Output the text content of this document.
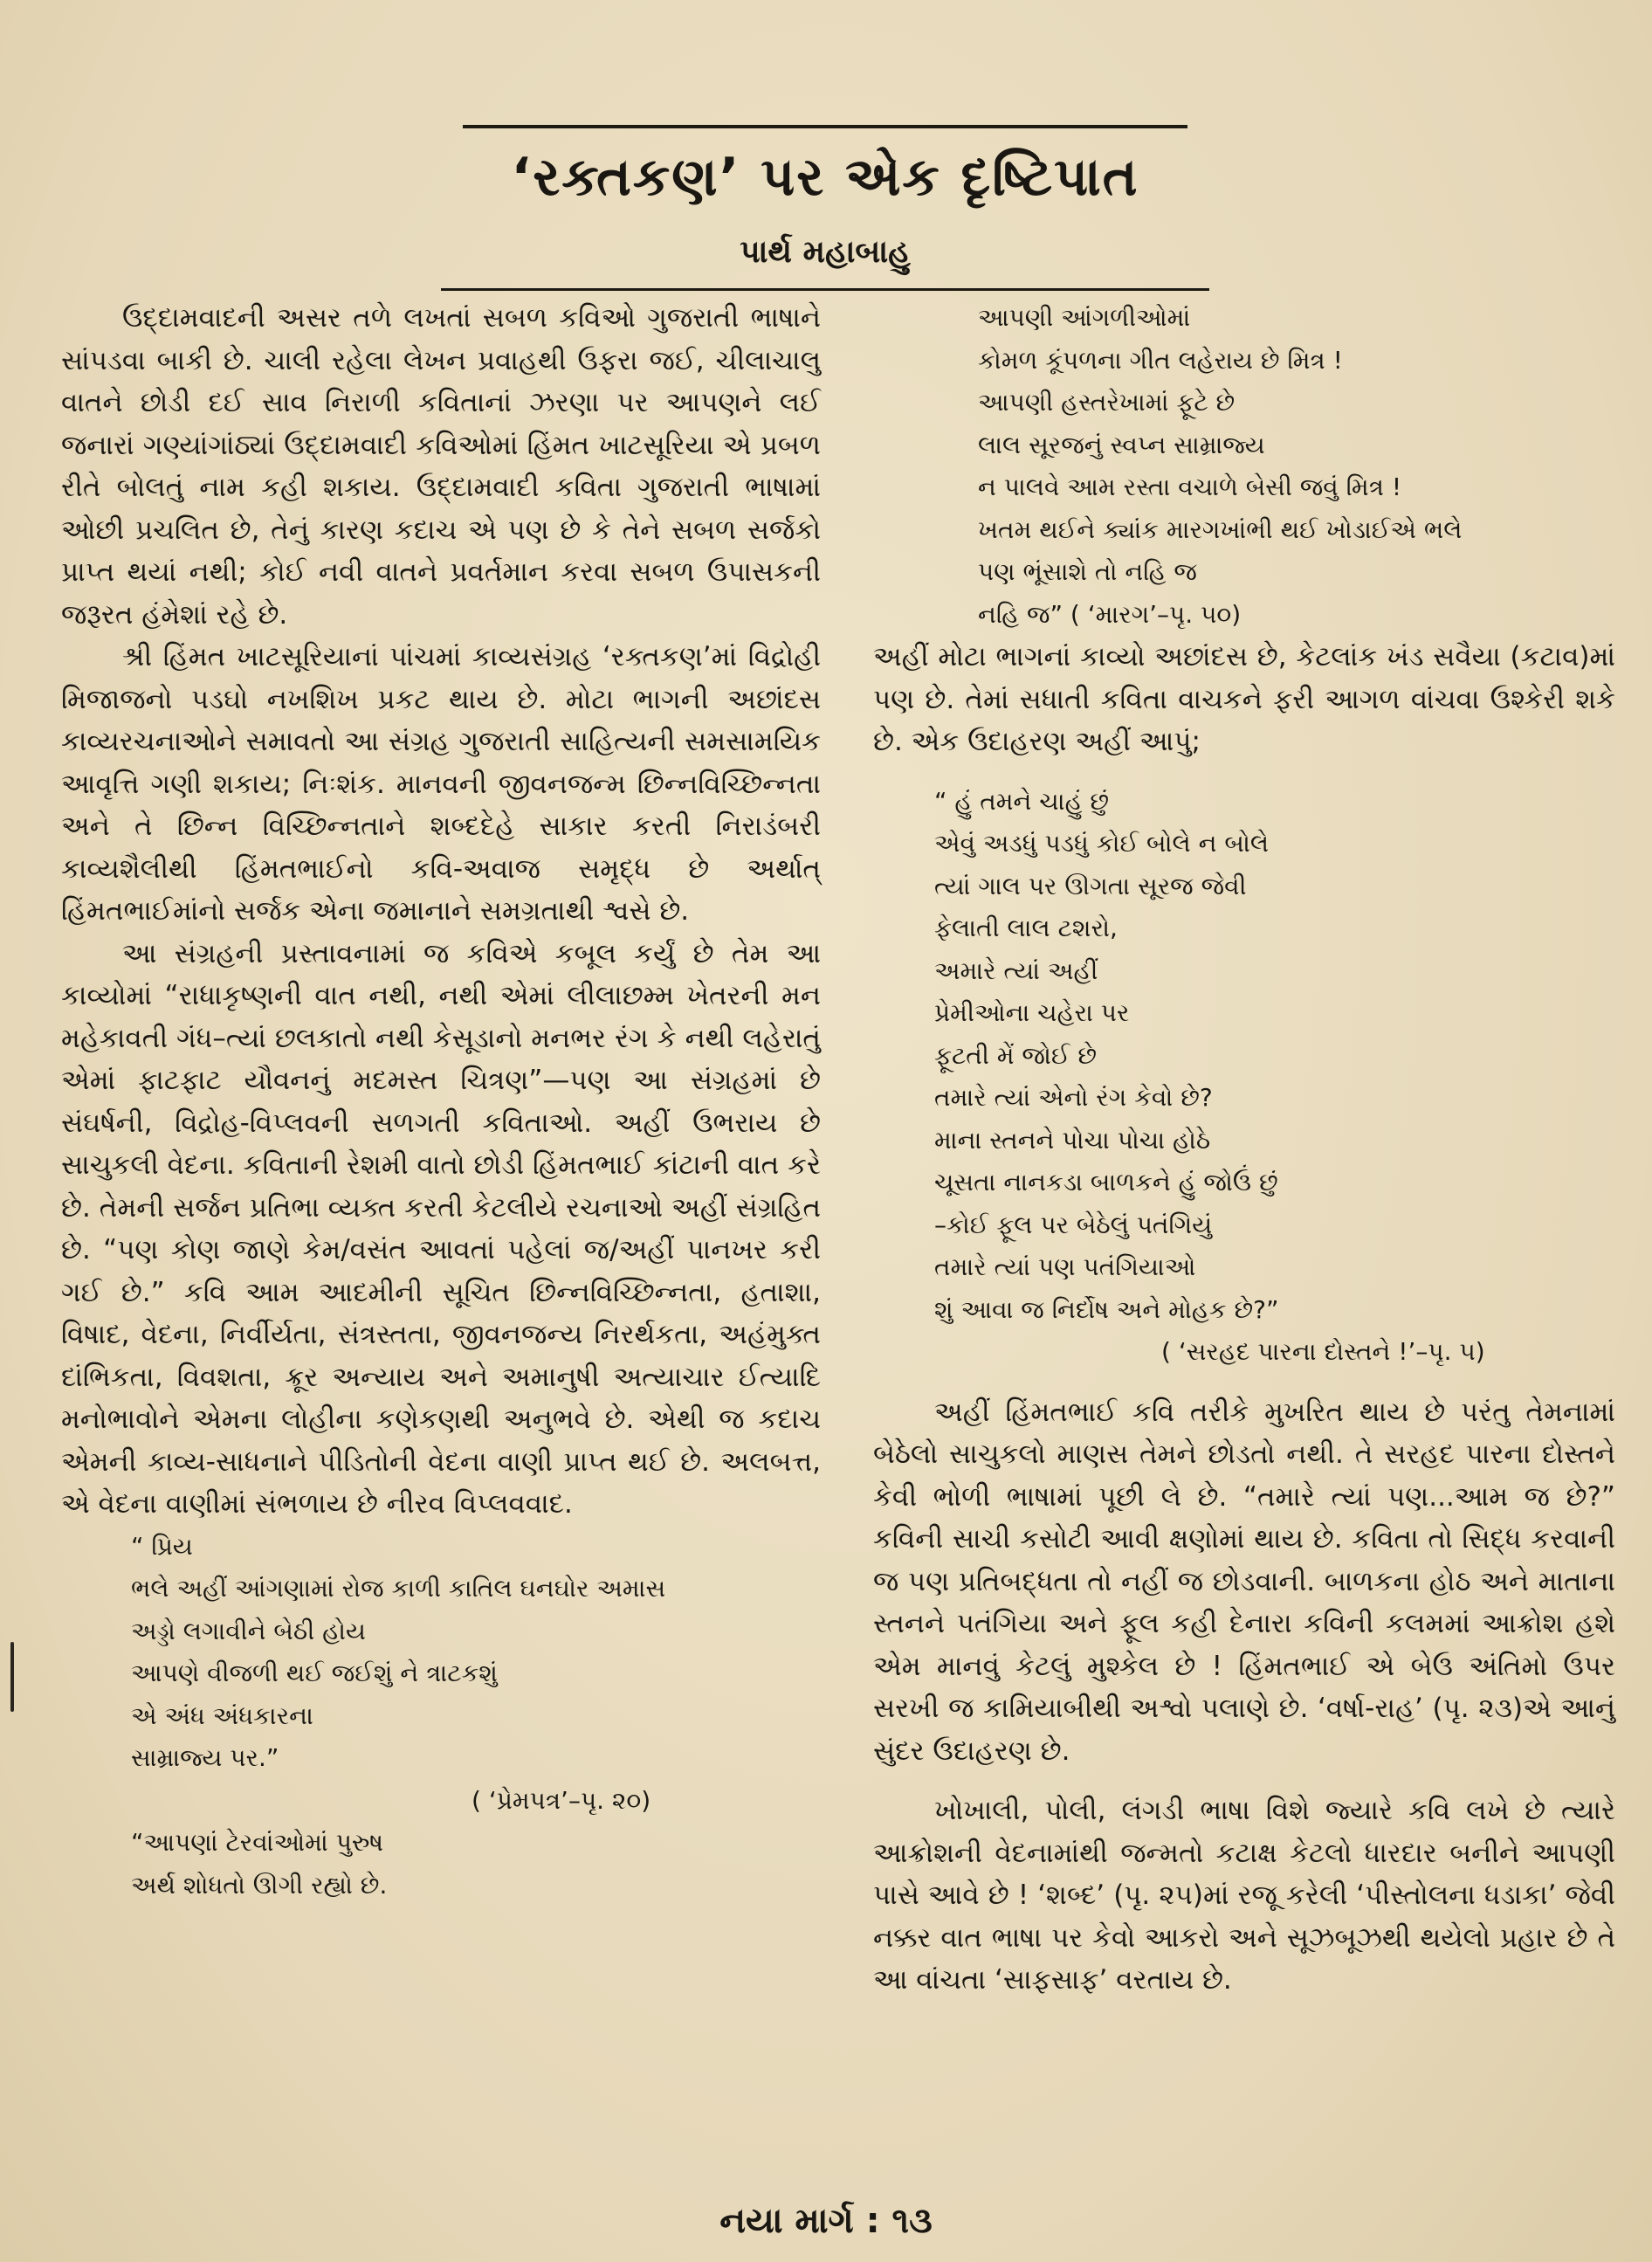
‘રક્તકણ’ પર એક દૃષ્ટિપાત
પાર્થ મહાબાહુ

ઉદ્દામવાદની અસર તળે લખતાં સબળ કવિઓ ગુજરાતી ભાષાને સાંપડવા બાકી છે. ચાલી રહેલા લેખન પ્રવાહથી ઉફરા જઈ, ચીલાચાલુ વાતને છોડી દઈ સાવ નિરાળી કવિતાનાં ઝરણા પર આપણને લઈ જનારાં ગણ્યાંગાંઠ્યાં ઉદ્દામવાદી કવિઓમાં હિંમત ખાટસૂરિયા એ પ્રબળ રીતે બોલતું નામ કહી શકાય. ઉદ્દામવાદી કવિતા ગુજરાતી ભાષામાં ઓછી પ્રચલિત છે, તેનું કારણ કદાચ એ પણ છે કે તેને સબળ સર્જકો પ્રાપ્ત થયાં નથી; કોઈ નવી વાતને પ્રવર્તમાન કરવા સબળ ઉપાસકની જરૂરત હંમેશાં રહે છે.

શ્રી હિંમત ખાટસૂરિયાનાં પાંચમાં કાવ્યસંગ્રહ ‘રક્તકણ’માં વિદ્રોહી મિજાજનો પડઘો નખશિખ પ્રકટ થાય છે. મોટા ભાગની અછાંદસ કાવ્યરચનાઓને સમાવતો આ સંગ્રહ ગુજરાતી સાહિત્યની સમસામયિક આવૃત્તિ ગણી શકાય; નિઃશંક. માનવની જીવનજન્મ છિન્નવિચ્છિન્નતા અને તે છિન્ન વિચ્છિન્નતાને શબ્દદેહે સાકાર કરતી નિરાડંબરી કાવ્યશૈલીથી હિંમતભાઈનો કવિ-અવાજ સમૃદ્ધ છે અર્થાત્ હિંમતભાઈમાંનો સર્જક એના જમાનાને સમગ્રતાથી શ્વસે છે.

આ સંગ્રહની પ્રસ્તાવનામાં જ કવિએ કબૂલ કર્યું છે તેમ આ કાવ્યોમાં “રાધાકૃષ્ણની વાત નથી, નથી એમાં લીલાછમ્મ ખેતરની મન મહેકાવતી ગંધ–ત્યાં છલકાતો નથી કેસૂડાનો મનભર રંગ કે નથી લહેરાતું એમાં ફાટફાટ યૌવનનું મદમસ્ત ચિત્રણ”—પણ આ સંગ્રહમાં છે સંઘર્ષની, વિદ્રોહ-વિપ્લવની સળગતી કવિતાઓ. અહીં ઉભરાય છે સાચુકલી વેદના. કવિતાની રેશમી વાતો છોડી હિંમતભાઈ કાંટાની વાત કરે છે. તેમની સર્જન પ્રતિભા વ્યક્ત કરતી કેટલીયે રચનાઓ અહીં સંગ્રહિત છે. “પણ કોણ જાણે કેમ/વસંત આવતાં પહેલાં જ/અહીં પાનખર કરી ગઈ છે.” કવિ આમ આદમીની સૂચિત છિન્નવિચ્છિન્નતા, હતાશા, વિષાદ, વેદના, નિર્વીર્યતા, સંત્રસ્તતા, જીવનજન્ય નિરર્થકતા, અહંમુક્ત દાંભિકતા, વિવશતા, ક્રૂર અન્યાય અને અમાનુષી અત્યાચાર ઈત્યાદિ મનોભાવોને એમના લોહીના કણેકણથી અનુભવે છે. એથી જ કદાચ એમની કાવ્ય-સાધનાને પીડિતોની વેદના વાણી પ્રાપ્ત થઈ છે. અલબત્ત, એ વેદના વાણીમાં સંભળાય છે નીરવ વિપ્લવવાદ.

“ પ્રિય
ભલે અહીં આંગણામાં રોજ કાળી કાતિલ ઘનઘોર અમાસ
અડ્ડો લગાવીને બેઠી હોય
આપણે વીજળી થઈ જઈશું ને ત્રાટકશું
એ અંધ અંધકારના
સામ્રાજ્ય પર.”
( ‘પ્રેમપત્ર’–પૃ. ૨૦)
“આપણાં ટેરવાંઓમાં પુરુષ
અર્થ શોધતો ઊગી રહ્યો છે.
આપણી આંગળીઓમાં
કોમળ કૂંપળના ગીત લહેરાય છે મિત્ર !
આપણી હસ્તરેખામાં ફૂટે છે
લાલ સૂરજનું સ્વપ્ન સામ્રાજ્ય
ન પાલવે આમ રસ્તા વચાળે બેસી જવું મિત્ર !
ખતમ થઈને ક્યાંક મારગખાંભી થઈ ખોડાઈએ ભલે
પણ ભૂંસાશે તો નહિ જ
નહિ જ” ( ‘મારગ’–પૃ. ૫૦)

અહીં મોટા ભાગનાં કાવ્યો અછાંદસ છે, કેટલાંક ખંડ સવૈયા (કટાવ)માં પણ છે. તેમાં સધાતી કવિતા વાચકને ફરી આગળ વાંચવા ઉશ્કેરી શકે છે. એક ઉદાહરણ અહીં આપું;

“ હું તમને ચાહું છું
એવું અડધું પડધું કોઈ બોલે ન બોલે
ત્યાં ગાલ પર ઊગતા સૂરજ જેવી
ફેલાતી લાલ ટશરો,
અમારે ત્યાં અહીં
પ્રેમીઓના ચહેરા પર
ફૂટતી મેં જોઈ છે
તમારે ત્યાં એનો રંગ કેવો છે?
માના સ્તનને પોચા પોચા હોઠે
ચૂસતા નાનકડા બાળકને હું જોઉં છું
–કોઈ ફૂલ પર બેઠેલું પતંગિયું
તમારે ત્યાં પણ પતંગિયાઓ
શું આવા જ નિર્દોષ અને મોહક છે?”
( ‘સરહદ પારના દોસ્તને !’–પૃ. ૫)

અહીં હિંમતભાઈ કવિ તરીકે મુખરિત થાય છે પરંતુ તેમનામાં બેઠેલો સાચુકલો માણસ તેમને છોડતો નથી. તે સરહદ પારના દોસ્તને કેવી ભોળી ભાષામાં પૂછી લે છે. “તમારે ત્યાં પણ...આમ જ છે?” કવિની સાચી કસોટી આવી ક્ષણોમાં થાય છે. કવિતા તો સિદ્ધ કરવાની જ પણ પ્રતિબદ્ધતા તો નહીં જ છોડવાની. બાળકના હોઠ અને માતાના સ્તનને પતંગિયા અને ફૂલ કહી દેનારા કવિની કલમમાં આક્રોશ હશે એમ માનવું કેટલું મુશ્કેલ છે ! હિંમતભાઈ એ બેઉ અંતિમો ઉપર સરખી જ કામિયાબીથી અશ્વો પલાણે છે. ‘વર્ષા-રાહ’ (પૃ. ૨૩)એ આનું સુંદર ઉદાહરણ છે.

ખોખાલી, પોલી, લંગડી ભાષા વિશે જ્યારે કવિ લખે છે ત્યારે આક્રોશની વેદનામાંથી જન્મતો કટાક્ષ કેટલો ધારદાર બનીને આપણી પાસે આવે છે ! ‘શબ્દ’ (પૃ. ૨૫)માં રજૂ કરેલી ‘પીસ્તોલના ધડાકા’ જેવી નક્કર વાત ભાષા પર કેવો આકરો અને સૂઝબૂઝથી થયેલો પ્રહાર છે તે આ વાંચતા ‘સાફસાફ’ વરતાય છે.

નયા માર્ગ : ૧૩
